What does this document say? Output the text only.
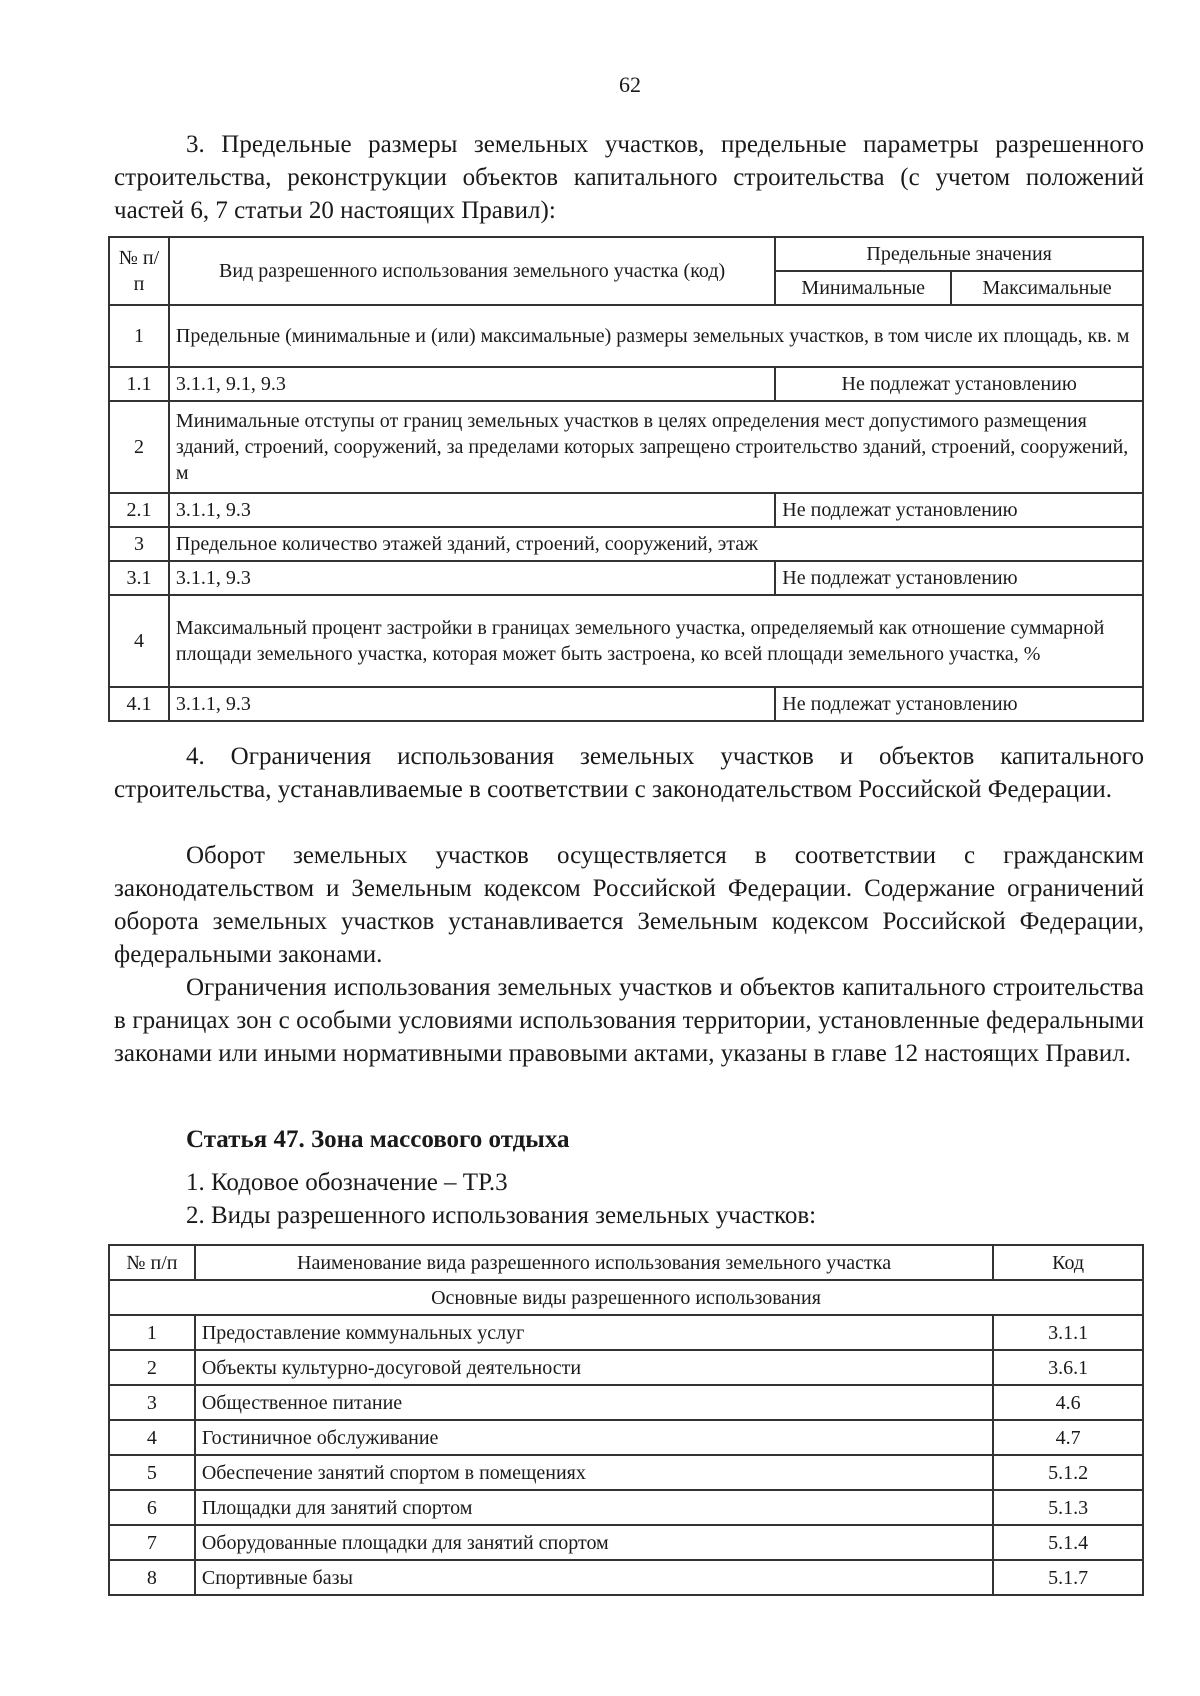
62
3. Предельные размеры земельных участков, предельные параметры разрешенного строительства, реконструкции объектов капитального строительства (с учетом положений частей 6, 7 статьи 20 настоящих Правил):
№ п/п	Вид разрешенного использования земельного участка (код)	Предельные значения	
		Минимальные	Максимальные
1	Предельные (минимальные и (или) максимальные) размеры земельных участков, в том числе их площадь, кв. м		
1.1	3.1.1, 9.1, 9.3	Не подлежат установлению	
2	Минимальные отступы от границ земельных участков в целях определения мест допустимого размещения зданий, строений, сооружений, за пределами которых запрещено строительство зданий, строений, сооружений, м		
2.1	3.1.1, 9.3	Не подлежат установлению	
3	Предельное количество этажей зданий, строений, сооружений, этаж		
3.1	3.1.1, 9.3	Не подлежат установлению	
4	Максимальный процент застройки в границах земельного участка, определяемый как отношение суммарной площади земельного участка, которая может быть застроена, ко всей площади земельного участка, %		
4.1	3.1.1, 9.3	Не подлежат установлению	
4. Ограничения использования земельных участков и объектов капитального строительства, устанавливаемые в соответствии с законодательством Российской Федерации.
Оборот земельных участков осуществляется в соответствии с гражданским законодательством и Земельным кодексом Российской Федерации. Содержание ограничений оборота земельных участков устанавливается Земельным кодексом Российской Федерации, федеральными законами.
Ограничения использования земельных участков и объектов капитального строительства в границах зон с особыми условиями использования территории, установленные федеральными законами или иными нормативными правовыми актами, указаны в главе 12 настоящих Правил.
Статья 47. Зона массового отдыха
1. Кодовое обозначение – ТР.3
2. Виды разрешенного использования земельных участков:
№ п/п	Наименование вида разрешенного использования земельного участка	Код
Основные виды разрешенного использования		
1	Предоставление коммунальных услуг	3.1.1
2	Объекты культурно-досуговой деятельности	3.6.1
3	Общественное питание	4.6
4	Гостиничное обслуживание	4.7
5	Обеспечение занятий спортом в помещениях	5.1.2
6	Площадки для занятий спортом	5.1.3
7	Оборудованные площадки для занятий спортом	5.1.4
8	Спортивные базы	5.1.7
